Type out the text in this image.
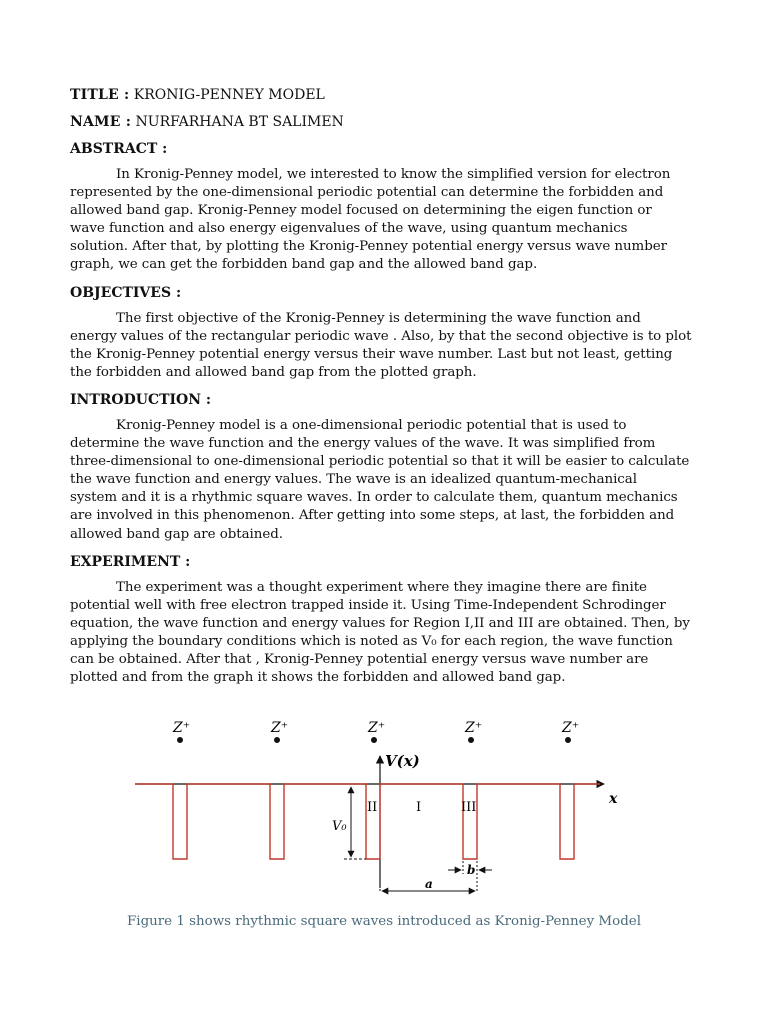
TITLE : KRONIG-PENNEY MODEL
NAME : NURFARHANA BT SALIMEN
ABSTRACT :
In Kronig-Penney model, we interested to know the simplified version for electron
represented by the one-dimensional periodic potential can determine the forbidden and
allowed band gap. Kronig-Penney model focused on determining the eigen function or
wave function and also energy eigenvalues of the wave, using quantum mechanics
solution. After that, by plotting the Kronig-Penney potential energy versus wave number
graph, we can get the forbidden band gap and the allowed band gap.
OBJECTIVES :
The first objective of the Kronig-Penney is determining the wave function and
energy values of the rectangular periodic wave . Also, by that the second objective is to plot
the Kronig-Penney potential energy versus their wave number. Last but not least, getting
the forbidden and allowed band gap from the plotted graph.
INTRODUCTION :
Kronig-Penney model is a one-dimensional periodic potential that is used to
determine the wave function and the energy values of the wave. It was simplified from
three-dimensional to one-dimensional periodic potential so that it will be easier to calculate
the wave function and energy values. The wave is an idealized quantum-mechanical
system and it is a rhythmic square waves. In order to calculate them, quantum mechanics
are involved in this phenomenon. After getting into some steps, at last, the forbidden and
allowed band gap are obtained.
EXPERIMENT :
The experiment was a thought experiment where they imagine there are finite
potential well with free electron trapped inside it. Using Time-Independent Schrodinger
equation, the wave function and energy values for Region I,II and III are obtained. Then, by
applying the boundary conditions which is noted as V₀ for each region, the wave function
can be obtained. After that , Kronig-Penney potential energy versus wave number are
plotted and from the graph it shows the forbidden and allowed band gap.
Z⁺	Z⁺	Z⁺	Z⁺	Z⁺
x
V(x)
II	I	III
V₀
b
a
Figure 1 shows rhythmic square waves introduced as Kronig-Penney Model
